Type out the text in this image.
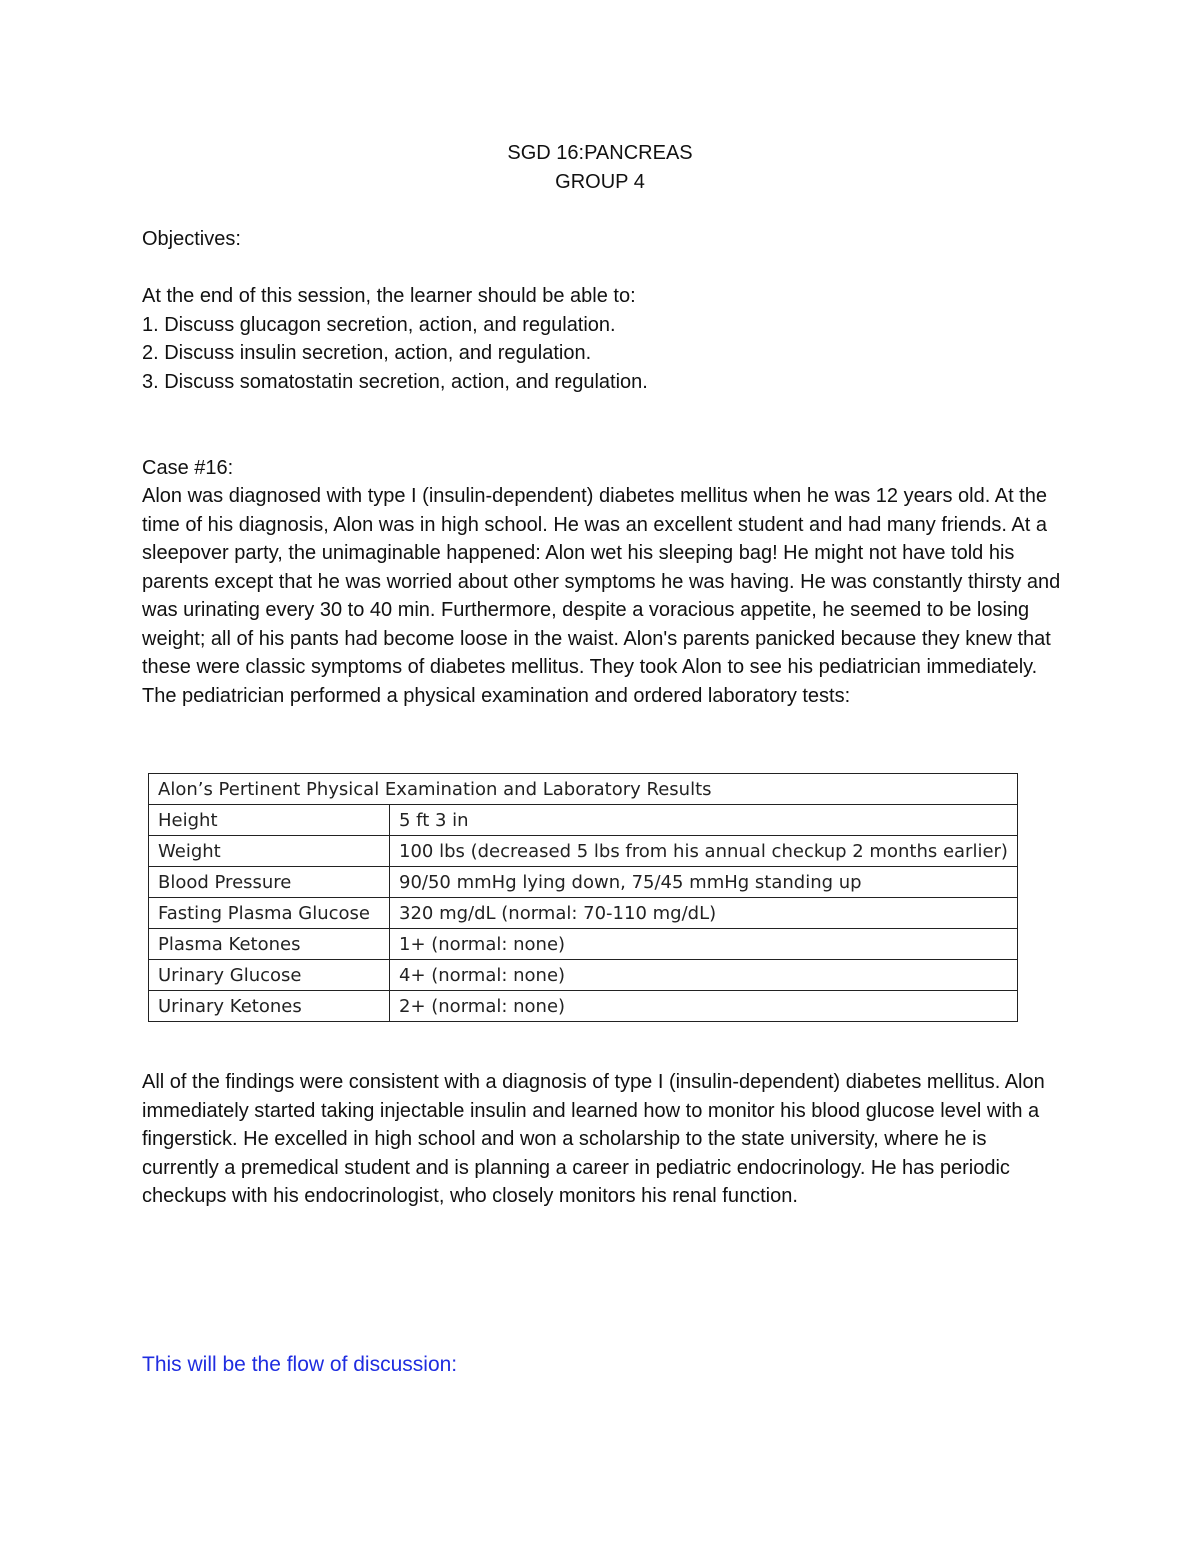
SGD 16:PANCREAS
GROUP 4
Objectives:
At the end of this session, the learner should be able to:
1. Discuss glucagon secretion, action, and regulation.
2. Discuss insulin secretion, action, and regulation.
3. Discuss somatostatin secretion, action, and regulation.
Case #16:

Alon was diagnosed with type I (insulin-dependent) diabetes mellitus when he was 12 years old. At the time of his diagnosis, Alon was in high school. He was an excellent student and had many friends. At a sleepover party, the unimaginable happened: Alon wet his sleeping bag! He might not have told his parents except that he was worried about other symptoms he was having. He was constantly thirsty and was urinating every 30 to 40 min. Furthermore, despite a voracious appetite, he seemed to be losing weight; all of his pants had become loose in the waist. Alon's parents panicked because they knew that these were classic symptoms of diabetes mellitus. They took Alon to see his pediatrician immediately. The pediatrician performed a physical examination and ordered laboratory tests:

Alon’s Pertinent Physical Examination and Laboratory Results	
Height	5 ft 3 in
Weight	100 lbs (decreased 5 lbs from his annual checkup 2 months earlier)
Blood Pressure	90/50 mmHg lying down, 75/45 mmHg standing up
Fasting Plasma Glucose	320 mg/dL (normal: 70-110 mg/dL)
Plasma Ketones	1+ (normal: none)
Urinary Glucose	4+ (normal: none)
Urinary Ketones	2+ (normal: none)

All of the findings were consistent with a diagnosis of type I (insulin-dependent) diabetes mellitus. Alon immediately started taking injectable insulin and learned how to monitor his blood glucose level with a fingerstick. He excelled in high school and won a scholarship to the state university, where he is currently a premedical student and is planning a career in pediatric endocrinology. He has periodic checkups with his endocrinologist, who closely monitors his renal function.

This will be the flow of discussion:
